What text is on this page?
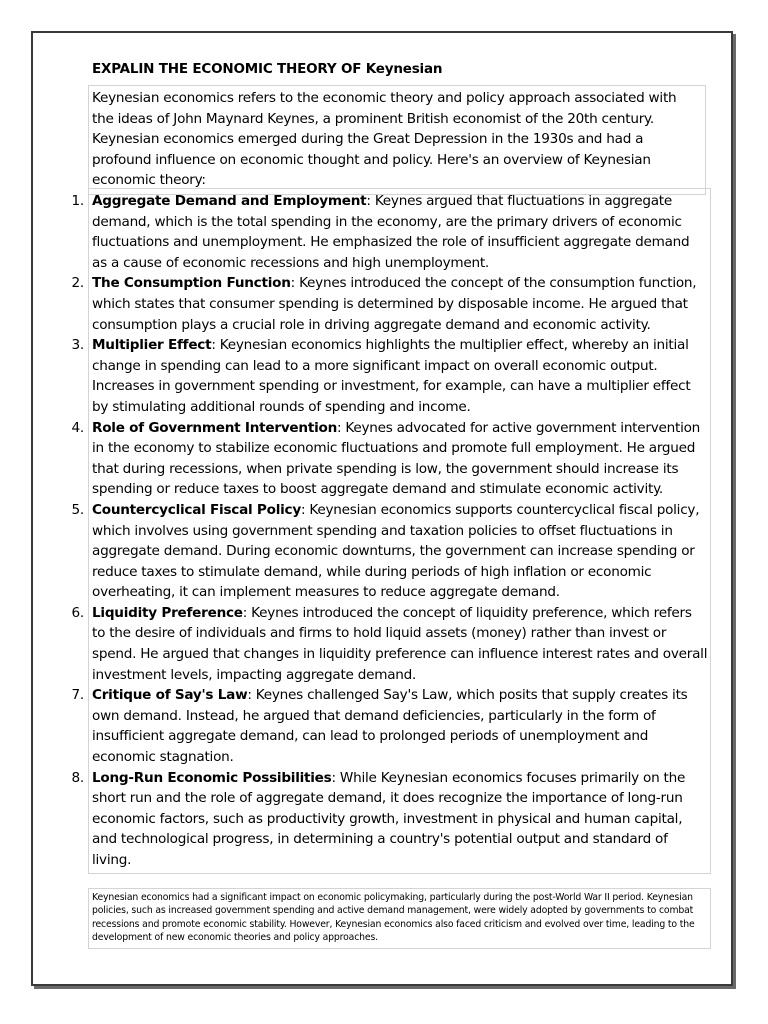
EXPALIN THE ECONOMIC THEORY OF Keynesian
Keynesian economics refers to the economic theory and policy approach associated with the ideas of John Maynard Keynes, a prominent British economist of the 20th century. Keynesian economics emerged during the Great Depression in the 1930s and had a profound influence on economic thought and policy. Here's an overview of Keynesian economic theory:
1. Aggregate Demand and Employment: Keynes argued that fluctuations in aggregate demand, which is the total spending in the economy, are the primary drivers of economic fluctuations and unemployment. He emphasized the role of insufficient aggregate demand as a cause of economic recessions and high unemployment.
2. The Consumption Function: Keynes introduced the concept of the consumption function, which states that consumer spending is determined by disposable income. He argued that consumption plays a crucial role in driving aggregate demand and economic activity.
3. Multiplier Effect: Keynesian economics highlights the multiplier effect, whereby an initial change in spending can lead to a more significant impact on overall economic output. Increases in government spending or investment, for example, can have a multiplier effect by stimulating additional rounds of spending and income.
4. Role of Government Intervention: Keynes advocated for active government intervention in the economy to stabilize economic fluctuations and promote full employment. He argued that during recessions, when private spending is low, the government should increase its spending or reduce taxes to boost aggregate demand and stimulate economic activity.
5. Countercyclical Fiscal Policy: Keynesian economics supports countercyclical fiscal policy, which involves using government spending and taxation policies to offset fluctuations in aggregate demand. During economic downturns, the government can increase spending or reduce taxes to stimulate demand, while during periods of high inflation or economic overheating, it can implement measures to reduce aggregate demand.
6. Liquidity Preference: Keynes introduced the concept of liquidity preference, which refers to the desire of individuals and firms to hold liquid assets (money) rather than invest or spend. He argued that changes in liquidity preference can influence interest rates and overall investment levels, impacting aggregate demand.
7. Critique of Say's Law: Keynes challenged Say's Law, which posits that supply creates its own demand. Instead, he argued that demand deficiencies, particularly in the form of insufficient aggregate demand, can lead to prolonged periods of unemployment and economic stagnation.
8. Long-Run Economic Possibilities: While Keynesian economics focuses primarily on the short run and the role of aggregate demand, it does recognize the importance of long-run economic factors, such as productivity growth, investment in physical and human capital, and technological progress, in determining a country's potential output and standard of living.
Keynesian economics had a significant impact on economic policymaking, particularly during the post-World War II period. Keynesian policies, such as increased government spending and active demand management, were widely adopted by governments to combat recessions and promote economic stability. However, Keynesian economics also faced criticism and evolved over time, leading to the development of new economic theories and policy approaches.
